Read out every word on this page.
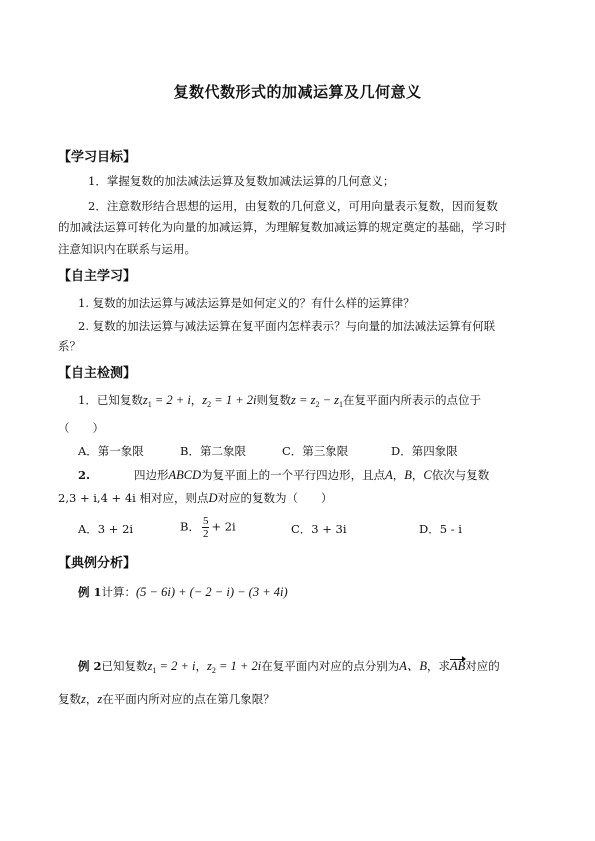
复数代数形式的加减运算及几何意义
【学习目标】
1．掌握复数的加法减法运算及复数加减法运算的几何意义；
2．注意数形结合思想的运用，由复数的几何意义，可用向量表示复数，因而复数
的加减法运算可转化为向量的加减运算，为理解复数加减运算的规定奠定的基础，学习时
注意知识内在联系与运用。
【自主学习】
1. 复数的加法运算与减法运算是如何定义的？有什么样的运算律？
2. 复数的加法运算与减法运算在复平面内怎样表示？与向量的加法减法运算有何联
系？
【自主检测】
1．已知复数$z_1 = 2 + i$，$z_2 = 1 + 2i$则复数$z = z_2 - z_1$在复平面内所表示的点位于
（　　）
A．第一象限	B．第二象限	C．第三象限	D．第四象限
2.	四边形ABCD为复平面上的一个平行四边形，且点A，B，C依次与复数
2,3 + i,4 + 4i 相对应，则点D对应的复数为（　　）
A．3 + 2i	B． $\frac{5}{2} + 2i$	C．3 + 3i	D．5 - i
【典例分析】
例 1计算：(5 − 6i) + (− 2 − i) − (3 + 4i)
例 2已知复数$z_1 = 2 + i$，$z_2 = 1 + 2i$在复平面内对应的点分别为A、B，求AB对应的
复数z，z在平面内所对应的点在第几象限？
